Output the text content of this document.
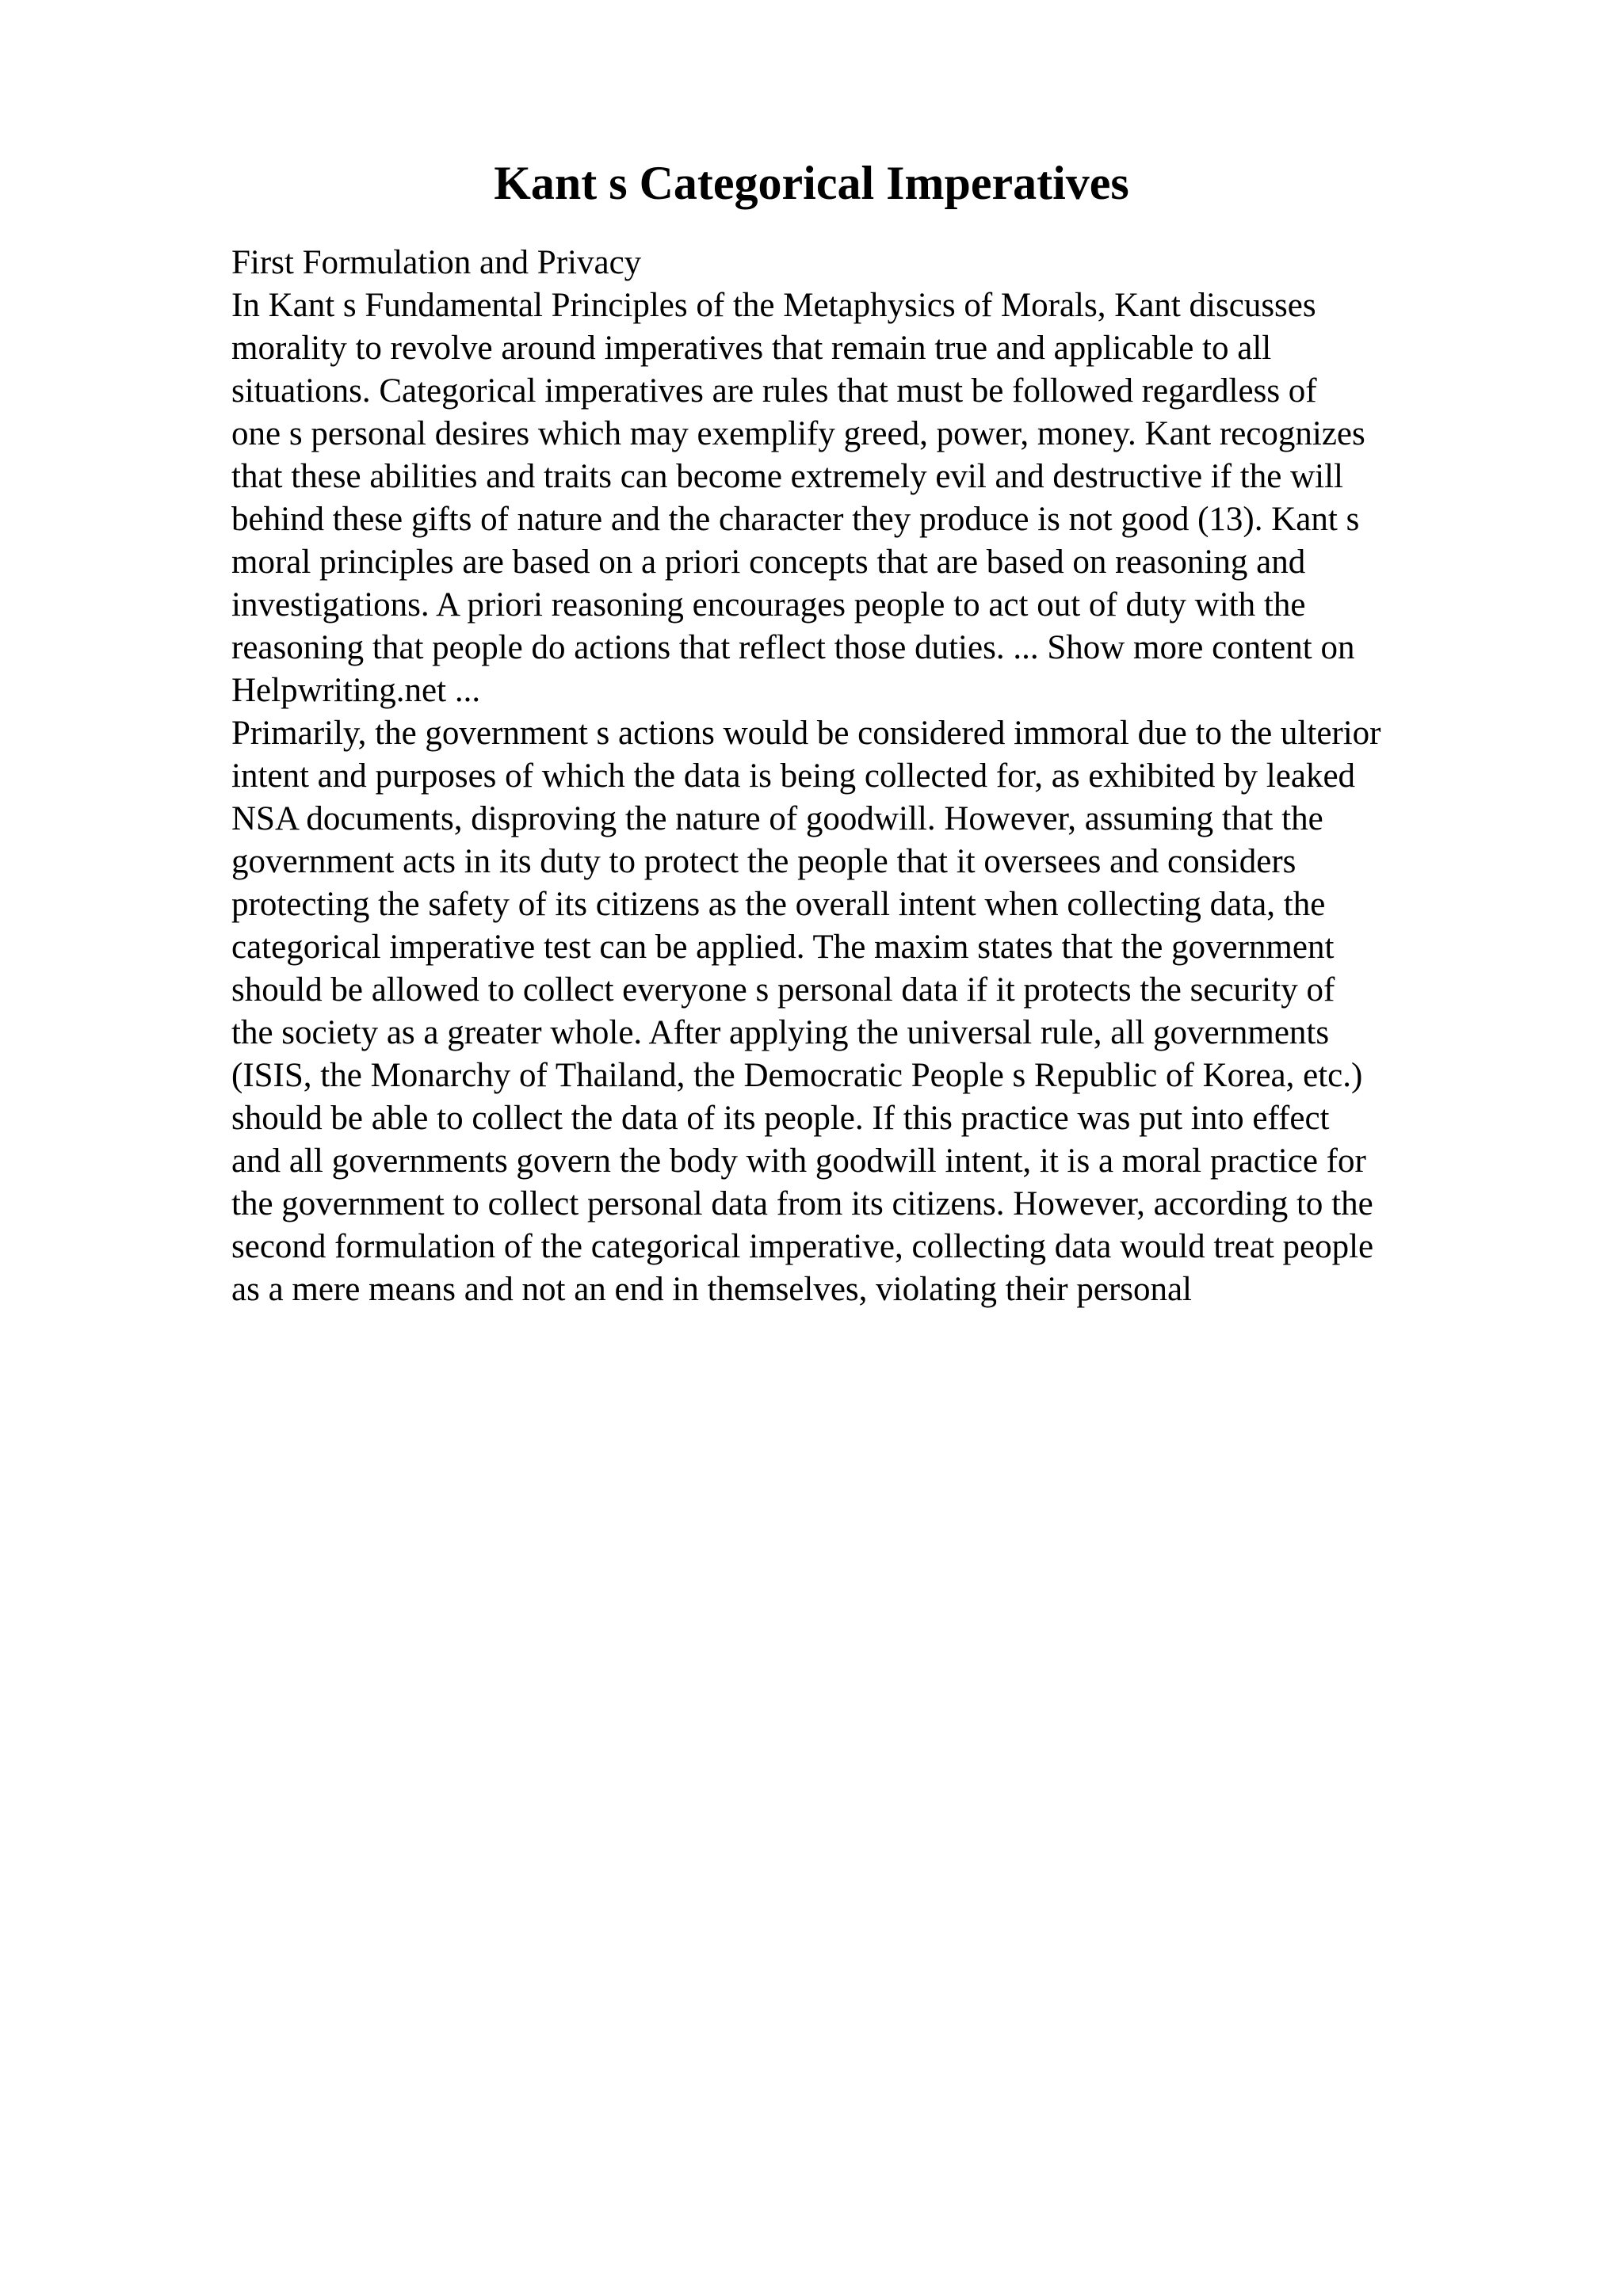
Kant s Categorical Imperatives
First Formulation and Privacy
In Kant s Fundamental Principles of the Metaphysics of Morals, Kant discusses
morality to revolve around imperatives that remain true and applicable to all
situations. Categorical imperatives are rules that must be followed regardless of
one s personal desires which may exemplify greed, power, money. Kant recognizes
that these abilities and traits can become extremely evil and destructive if the will
behind these gifts of nature and the character they produce is not good (13). Kant s
moral principles are based on a priori concepts that are based on reasoning and
investigations. A priori reasoning encourages people to act out of duty with the
reasoning that people do actions that reflect those duties. ... Show more content on
Helpwriting.net ...
Primarily, the government s actions would be considered immoral due to the ulterior
intent and purposes of which the data is being collected for, as exhibited by leaked
NSA documents, disproving the nature of goodwill. However, assuming that the
government acts in its duty to protect the people that it oversees and considers
protecting the safety of its citizens as the overall intent when collecting data, the
categorical imperative test can be applied. The maxim states that the government
should be allowed to collect everyone s personal data if it protects the security of
the society as a greater whole. After applying the universal rule, all governments
(ISIS, the Monarchy of Thailand, the Democratic People s Republic of Korea, etc.)
should be able to collect the data of its people. If this practice was put into effect
and all governments govern the body with goodwill intent, it is a moral practice for
the government to collect personal data from its citizens. However, according to the
second formulation of the categorical imperative, collecting data would treat people
as a mere means and not an end in themselves, violating their personal
